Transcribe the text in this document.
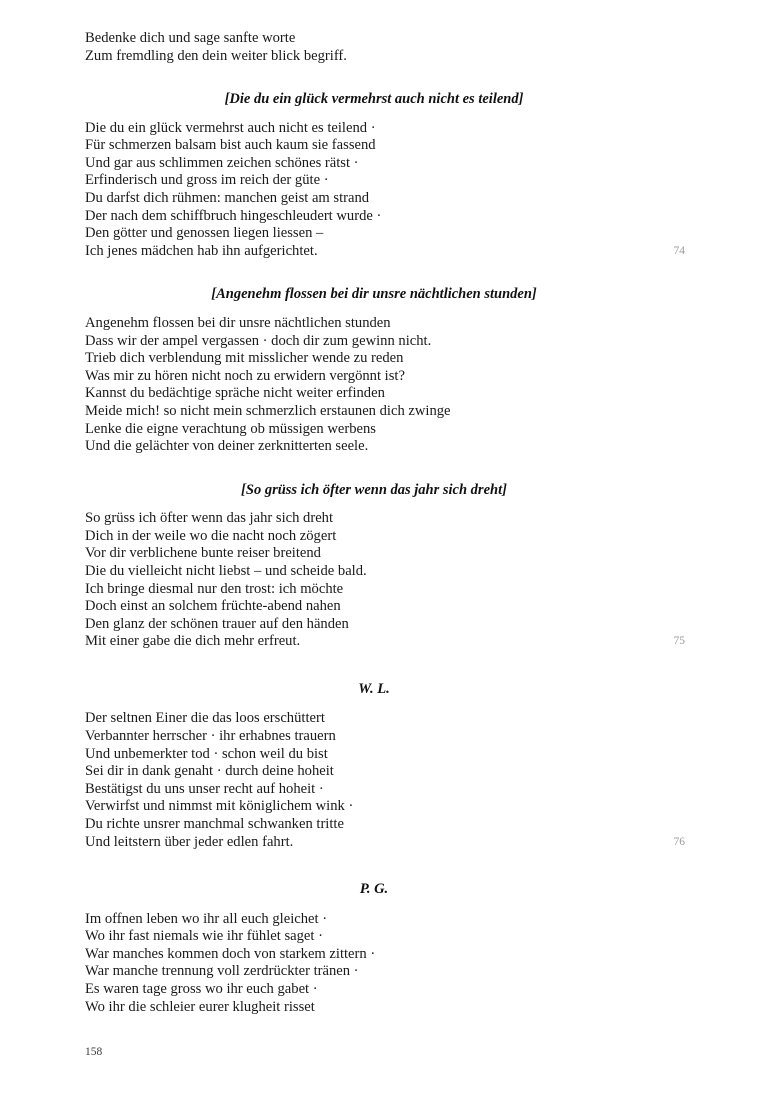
Bedenke dich und sage sanfte worte
Zum fremdling den dein weiter blick begriff.
[Die du ein glück vermehrst auch nicht es teilend]
Die du ein glück vermehrst auch nicht es teilend ·
Für schmerzen balsam bist auch kaum sie fassend
Und gar aus schlimmen zeichen schönes rätst ·
Erfinderisch und gross im reich der güte ·
Du darfst dich rühmen: manchen geist am strand
Der nach dem schiffbruch hingeschleudert wurde ·
Den götter und genossen liegen liessen –
Ich jenes mädchen hab ihn aufgerichtet.	74
[Angenehm flossen bei dir unsre nächtlichen stunden]
Angenehm flossen bei dir unsre nächtlichen stunden
Dass wir der ampel vergassen · doch dir zum gewinn nicht.
Trieb dich verblendung mit misslicher wende zu reden
Was mir zu hören nicht noch zu erwidern vergönnt ist?
Kannst du bedächtige spräche nicht weiter erfinden
Meide mich! so nicht mein schmerzlich erstaunen dich zwinge
Lenke die eigne verachtung ob müssigen werbens
Und die gelächter von deiner zerknitterten seele.
[So grüss ich öfter wenn das jahr sich dreht]
So grüss ich öfter wenn das jahr sich dreht
Dich in der weile wo die nacht noch zögert
Vor dir verblichene bunte reiser breitend
Die du vielleicht nicht liebst – und scheide bald.
Ich bringe diesmal nur den trost: ich möchte
Doch einst an solchem früchte-abend nahen
Den glanz der schönen trauer auf den händen
Mit einer gabe die dich mehr erfreut.	75
W. L.
Der seltnen Einer die das loos erschüttert
Verbannter herrscher · ihr erhabnes trauern
Und unbemerkter tod · schon weil du bist
Sei dir in dank genaht · durch deine hoheit
Bestätigst du uns unser recht auf hoheit ·
Verwirfst und nimmst mit königlichem wink ·
Du richte unsrer manchmal schwanken tritte
Und leitstern über jeder edlen fahrt.	76
P. G.
Im offnen leben wo ihr all euch gleichet ·
Wo ihr fast niemals wie ihr fühlet saget ·
War manches kommen doch von starkem zittern ·
War manche trennung voll zerdrückter tränen ·
Es waren tage gross wo ihr euch gabet ·
Wo ihr die schleier eurer klugheit risset
158
